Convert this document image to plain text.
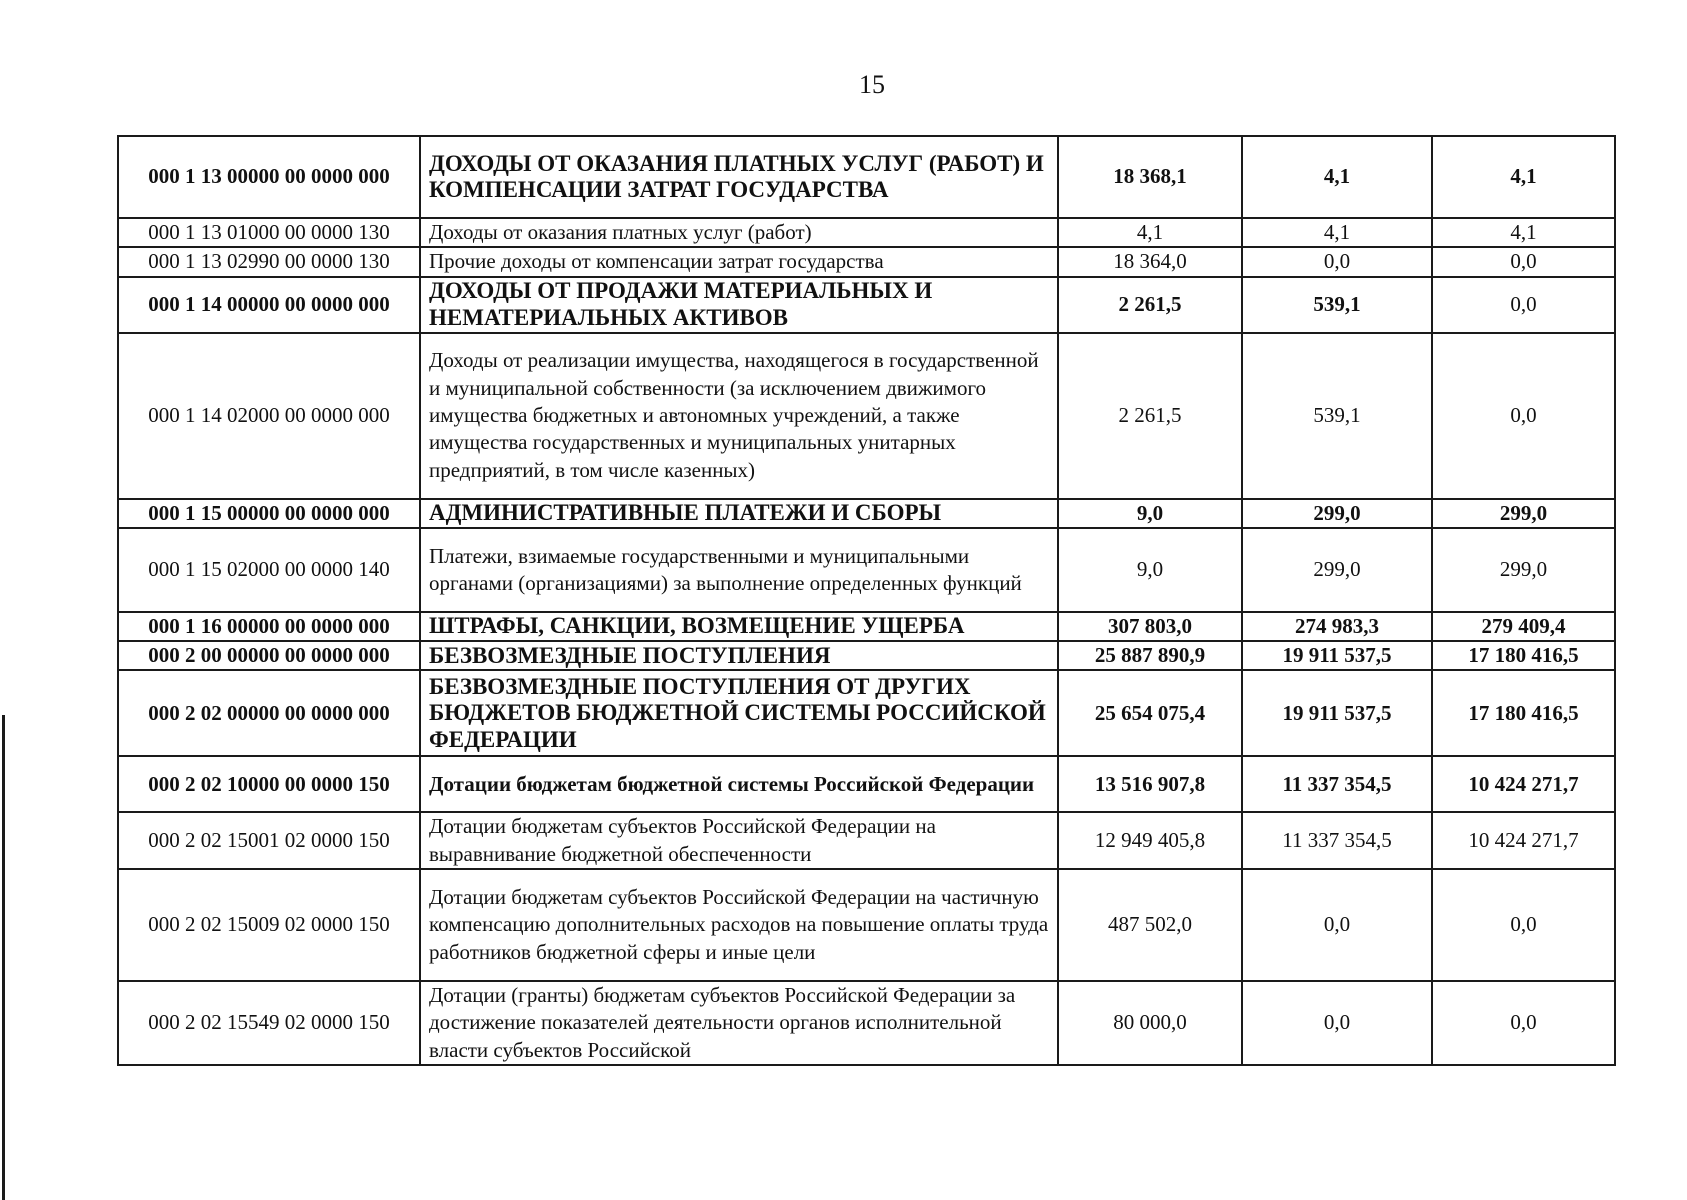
15
000 1 13 00000 00 0000 000	ДОХОДЫ ОТ ОКАЗАНИЯ ПЛАТНЫХ УСЛУГ (РАБОТ) И КОМПЕНСАЦИИ ЗАТРАТ ГОСУДАРСТВА	18 368,1	4,1	4,1
000 1 13 01000 00 0000 130	Доходы от оказания платных услуг (работ)	4,1	4,1	4,1
000 1 13 02990 00 0000 130	Прочие доходы от компенсации затрат государства	18 364,0	0,0	0,0
000 1 14 00000 00 0000 000	ДОХОДЫ ОТ ПРОДАЖИ МАТЕРИАЛЬНЫХ И НЕМАТЕРИАЛЬНЫХ АКТИВОВ	2 261,5	539,1	0,0
000 1 14 02000 00 0000 000	Доходы от реализации имущества, находящегося в государственной и муниципальной собственности (за исключением движимого имущества бюджетных и автономных учреждений, а также имущества государственных и муниципальных унитарных предприятий, в том числе казенных)	2 261,5	539,1	0,0
000 1 15 00000 00 0000 000	АДМИНИСТРАТИВНЫЕ ПЛАТЕЖИ И СБОРЫ	9,0	299,0	299,0
000 1 15 02000 00 0000 140	Платежи, взимаемые государственными и муниципальными органами (организациями) за выполнение определенных функций	9,0	299,0	299,0
000 1 16 00000 00 0000 000	ШТРАФЫ, САНКЦИИ, ВОЗМЕЩЕНИЕ УЩЕРБА	307 803,0	274 983,3	279 409,4
000 2 00 00000 00 0000 000	БЕЗВОЗМЕЗДНЫЕ ПОСТУПЛЕНИЯ	25 887 890,9	19 911 537,5	17 180 416,5
000 2 02 00000 00 0000 000	БЕЗВОЗМЕЗДНЫЕ ПОСТУПЛЕНИЯ ОТ ДРУГИХ БЮДЖЕТОВ БЮДЖЕТНОЙ СИСТЕМЫ РОССИЙСКОЙ ФЕДЕРАЦИИ	25 654 075,4	19 911 537,5	17 180 416,5
000 2 02 10000 00 0000 150	Дотации бюджетам бюджетной системы Российской Федерации	13 516 907,8	11 337 354,5	10 424 271,7
000 2 02 15001 02 0000 150	Дотации бюджетам субъектов Российской Федерации на выравнивание бюджетной обеспеченности	12 949 405,8	11 337 354,5	10 424 271,7
000 2 02 15009 02 0000 150	Дотации бюджетам субъектов Российской Федерации на частичную компенсацию дополнительных расходов на повышение оплаты труда работников бюджетной сферы и иные цели	487 502,0	0,0	0,0
000 2 02 15549 02 0000 150	Дотации (гранты) бюджетам субъектов Российской Федерации за достижение показателей деятельности органов исполнительной власти субъектов Российской	80 000,0	0,0	0,0
